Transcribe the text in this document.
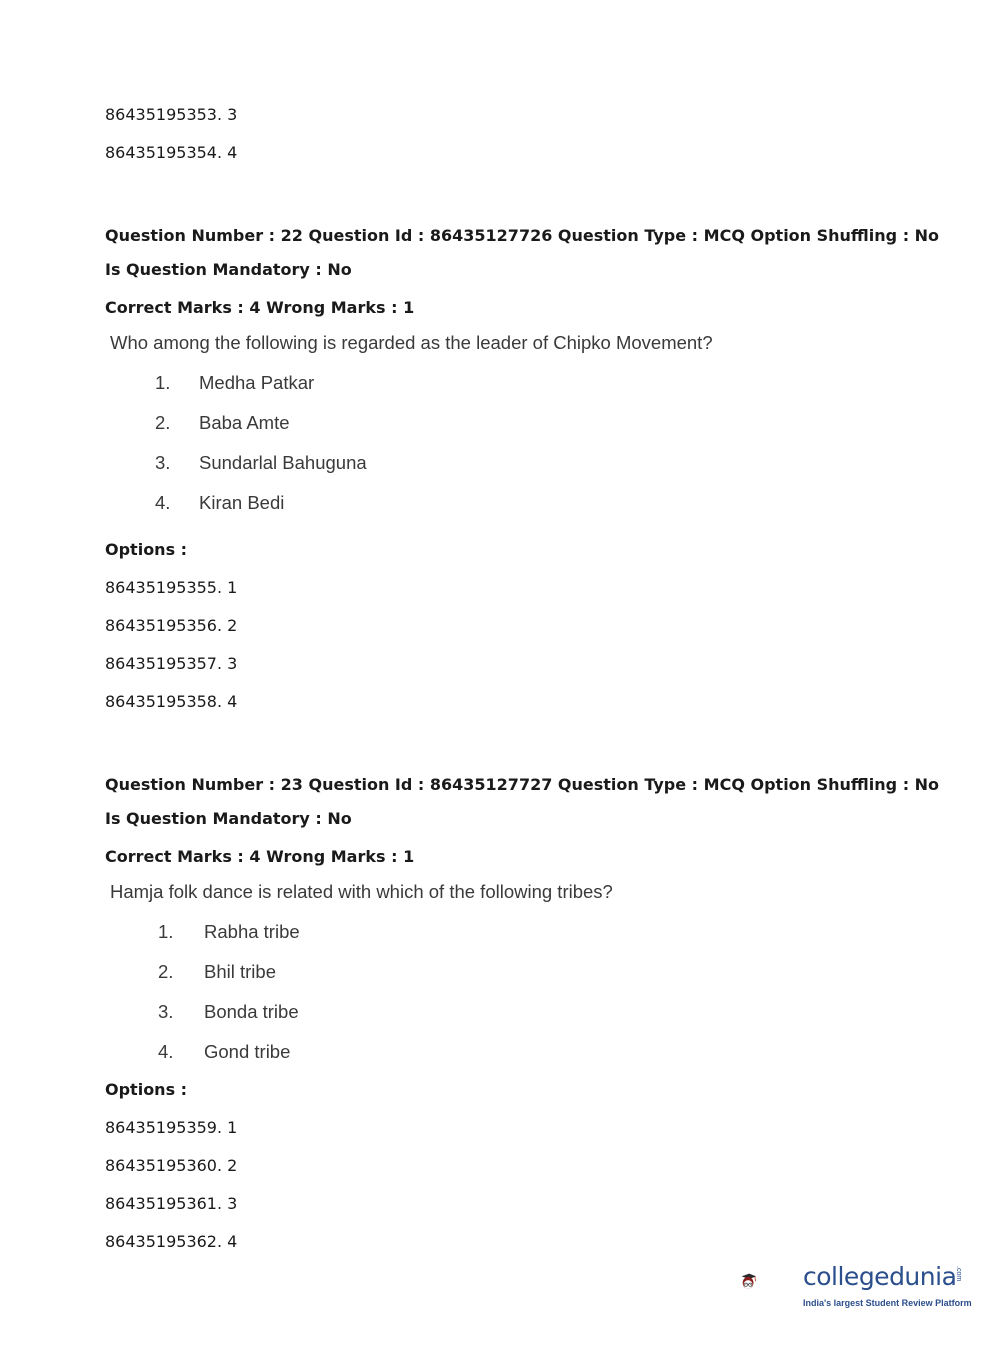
86435195353. 3
86435195354. 4
Question Number : 22 Question Id : 86435127726 Question Type : MCQ Option Shuffling : No
Is Question Mandatory : No
Correct Marks : 4 Wrong Marks : 1
Who among the following is regarded as the leader of Chipko Movement?
1. Medha Patkar
2. Baba Amte
3. Sundarlal Bahuguna
4. Kiran Bedi
Options :
86435195355. 1
86435195356. 2
86435195357. 3
86435195358. 4
Question Number : 23 Question Id : 86435127727 Question Type : MCQ Option Shuffling : No
Is Question Mandatory : No
Correct Marks : 4 Wrong Marks : 1
Hamja folk dance is related with which of the following tribes?
1. Rabha tribe
2. Bhil tribe
3. Bonda tribe
4. Gond tribe
Options :
86435195359. 1
86435195360. 2
86435195361. 3
86435195362. 4
collegedunia
.com
India's largest Student Review Platform
